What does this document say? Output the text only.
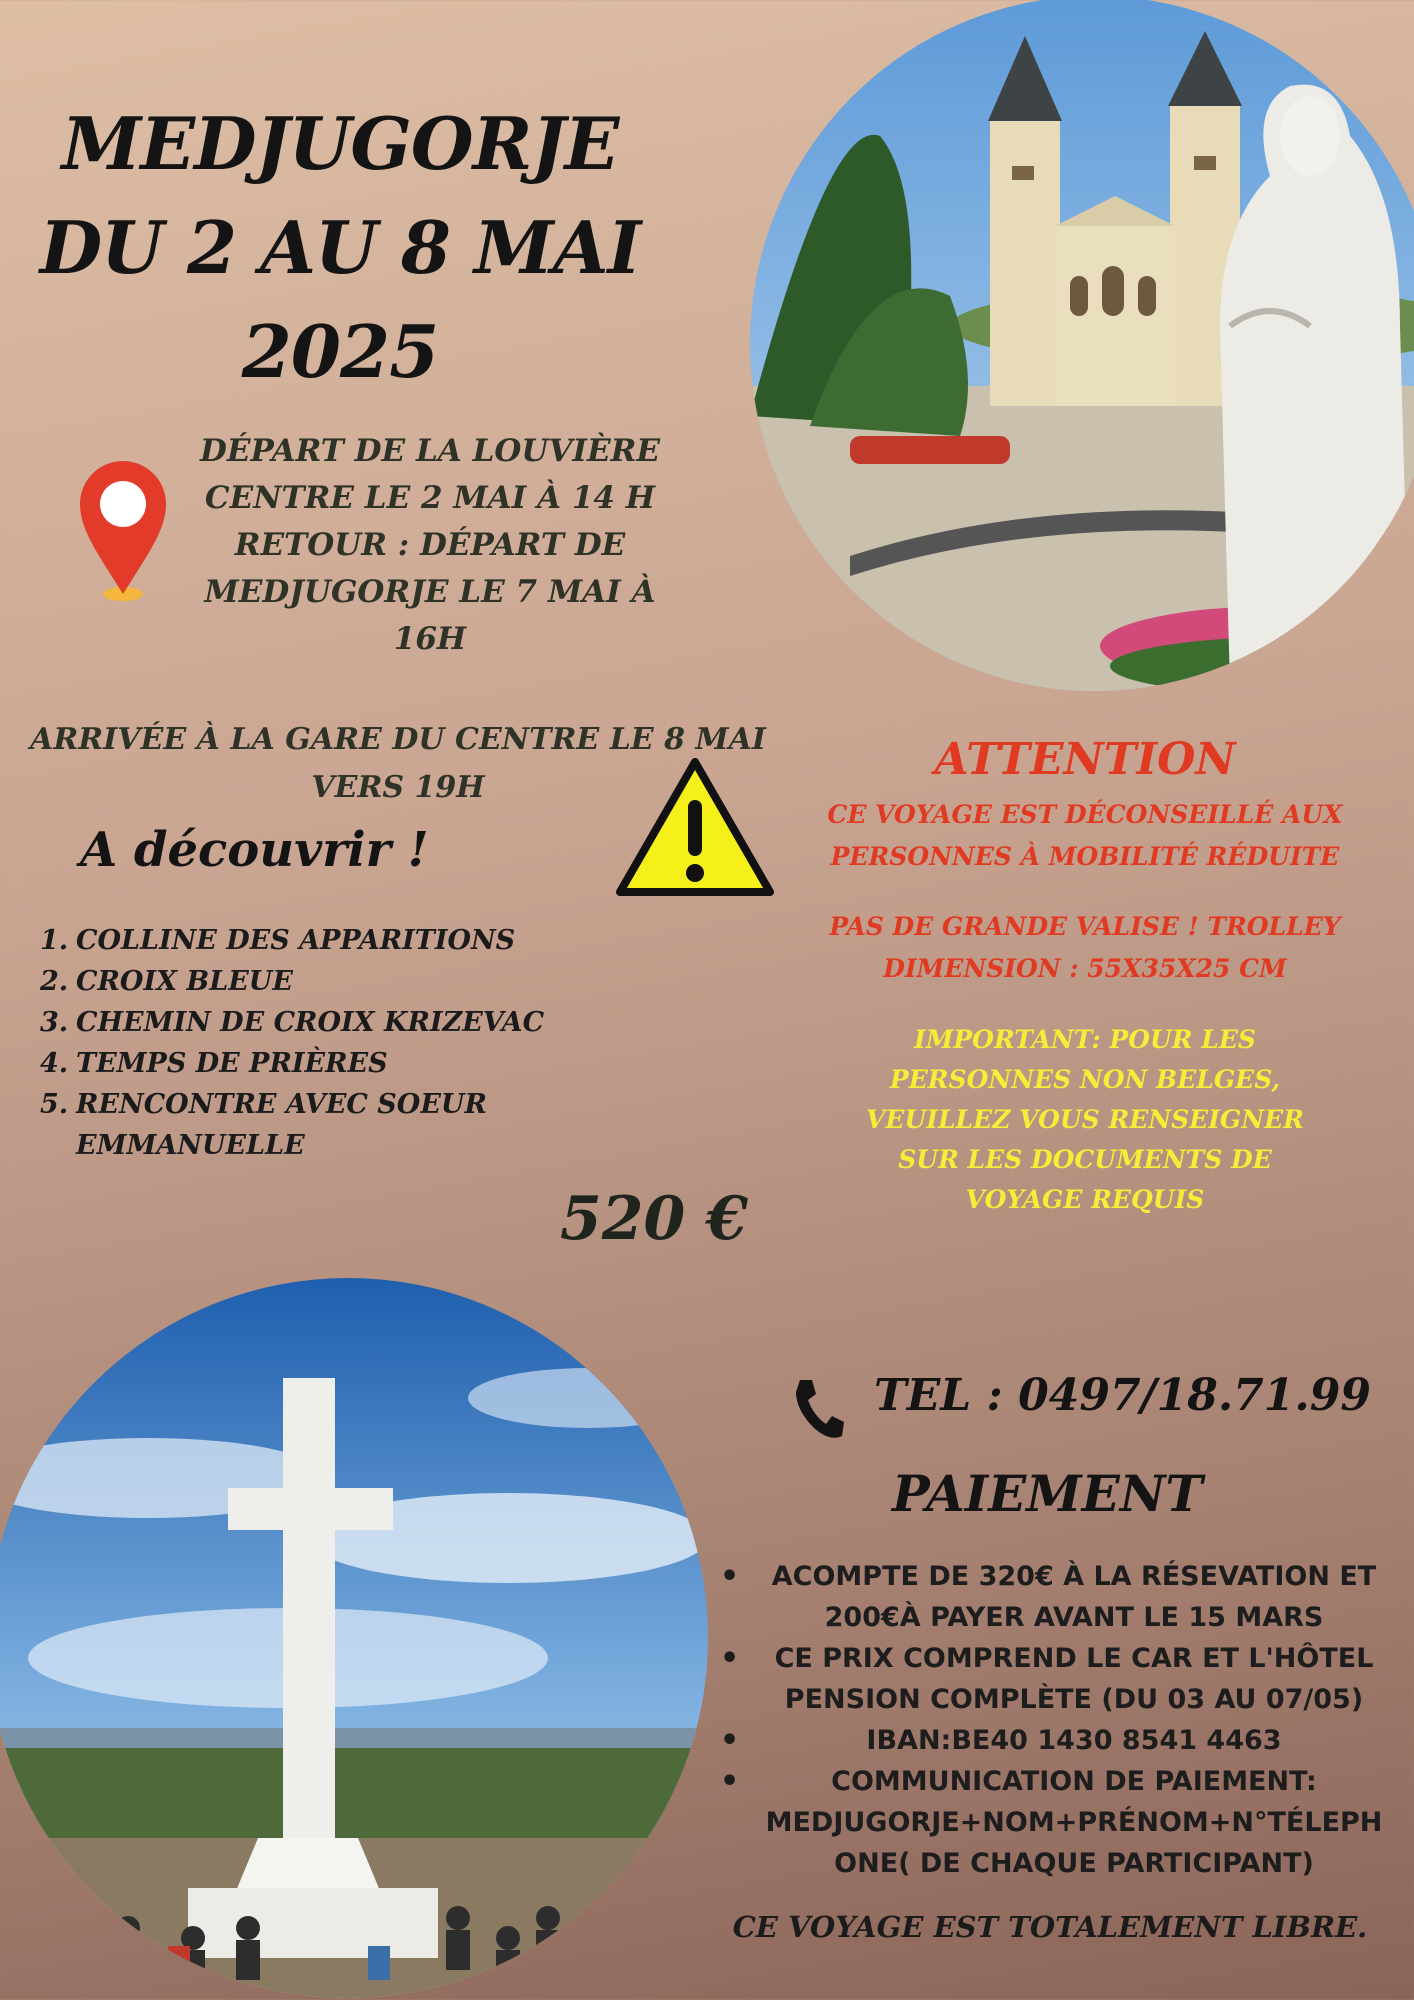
MEDJUGORJE
DU 2 AU 8 MAI
2025
DÉPART DE LA LOUVIÈRE
CENTRE LE 2 MAI À 14 H
RETOUR : DÉPART DE
MEDJUGORJE LE 7 MAI À
16H
ARRIVÉE À LA GARE DU CENTRE LE 8 MAI
VERS 19H
A découvrir !
1. COLLINE DES APPARITIONS
2. CROIX BLEUE
3. CHEMIN DE CROIX KRIZEVAC
4. TEMPS DE PRIÈRES
5. RENCONTRE AVEC SOEUR EMMANUELLE
ATTENTION
CE VOYAGE EST DÉCONSEILLÉ AUX
PERSONNES À MOBILITÉ RÉDUITE
PAS DE GRANDE VALISE ! TROLLEY
DIMENSION : 55X35X25 CM
IMPORTANT: POUR LES
PERSONNES NON BELGES,
VEUILLEZ VOUS RENSEIGNER
SUR LES DOCUMENTS DE
VOYAGE REQUIS
520 €
TEL : 0497/18.71.99
PAIEMENT
• ACOMPTE DE 320€ À LA RÉSEVATION ET 200€À PAYER AVANT LE 15 MARS
• CE PRIX COMPREND LE CAR ET L'HÔTEL PENSION COMPLÈTE (DU 03 AU 07/05)
• IBAN:BE40 1430 8541 4463
• COMMUNICATION DE PAIEMENT: MEDJUGORJE+NOM+PRÉNOM+N°TÉLEPH ONE( DE CHAQUE PARTICIPANT)
CE VOYAGE EST TOTALEMENT LIBRE.
